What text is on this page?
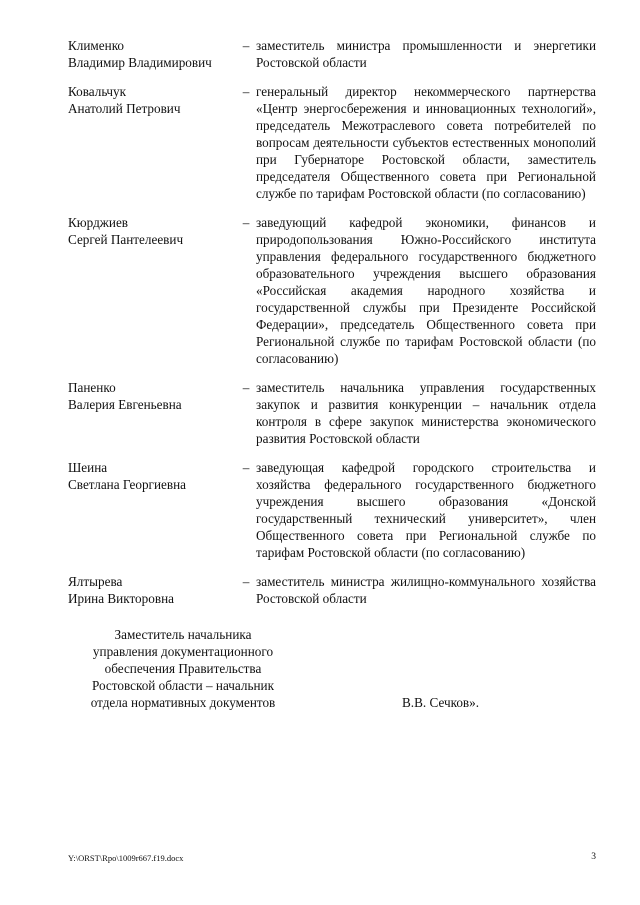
Клименко
Владимир Владимирович
– заместитель министра промышленности и энергетики Ростовской области
Ковальчук
Анатолий Петрович
– генеральный директор некоммерческого партнерства «Центр энергосбережения и инновационных технологий», председатель Межотраслевого совета потребителей по вопросам деятельности субъектов естественных монополий при Губернаторе Ростовской области, заместитель председателя Общественного совета при Региональной службе по тарифам Ростовской области (по согласованию)
Кюрджиев
Сергей Пантелеевич
– заведующий кафедрой экономики, финансов и природопользования Южно-Российского института управления федерального государственного бюджетного образовательного учреждения высшего образования «Российская академия народного хозяйства и государственной службы при Президенте Российской Федерации», председатель Общественного совета при Региональной службе по тарифам Ростовской области (по согласованию)
Паненко
Валерия Евгеньевна
– заместитель начальника управления государственных закупок и развития конкуренции – начальник отдела контроля в сфере закупок министерства экономического развития Ростовской области
Шеина
Светлана Георгиевна
– заведующая кафедрой городского строительства и хозяйства федерального государственного бюджетного учреждения высшего образования «Донской государственный технический университет», член Общественного совета при Региональной службе по тарифам Ростовской области (по согласованию)
Ялтырева
Ирина Викторовна
– заместитель министра жилищно-коммунального хозяйства Ростовской области
Заместитель начальника
управления документационного
обеспечения Правительства
Ростовской области – начальник
отдела нормативных документов	В.В. Сечков».
Y:\ORST\Rpo\1009r667.f19.docx	3
